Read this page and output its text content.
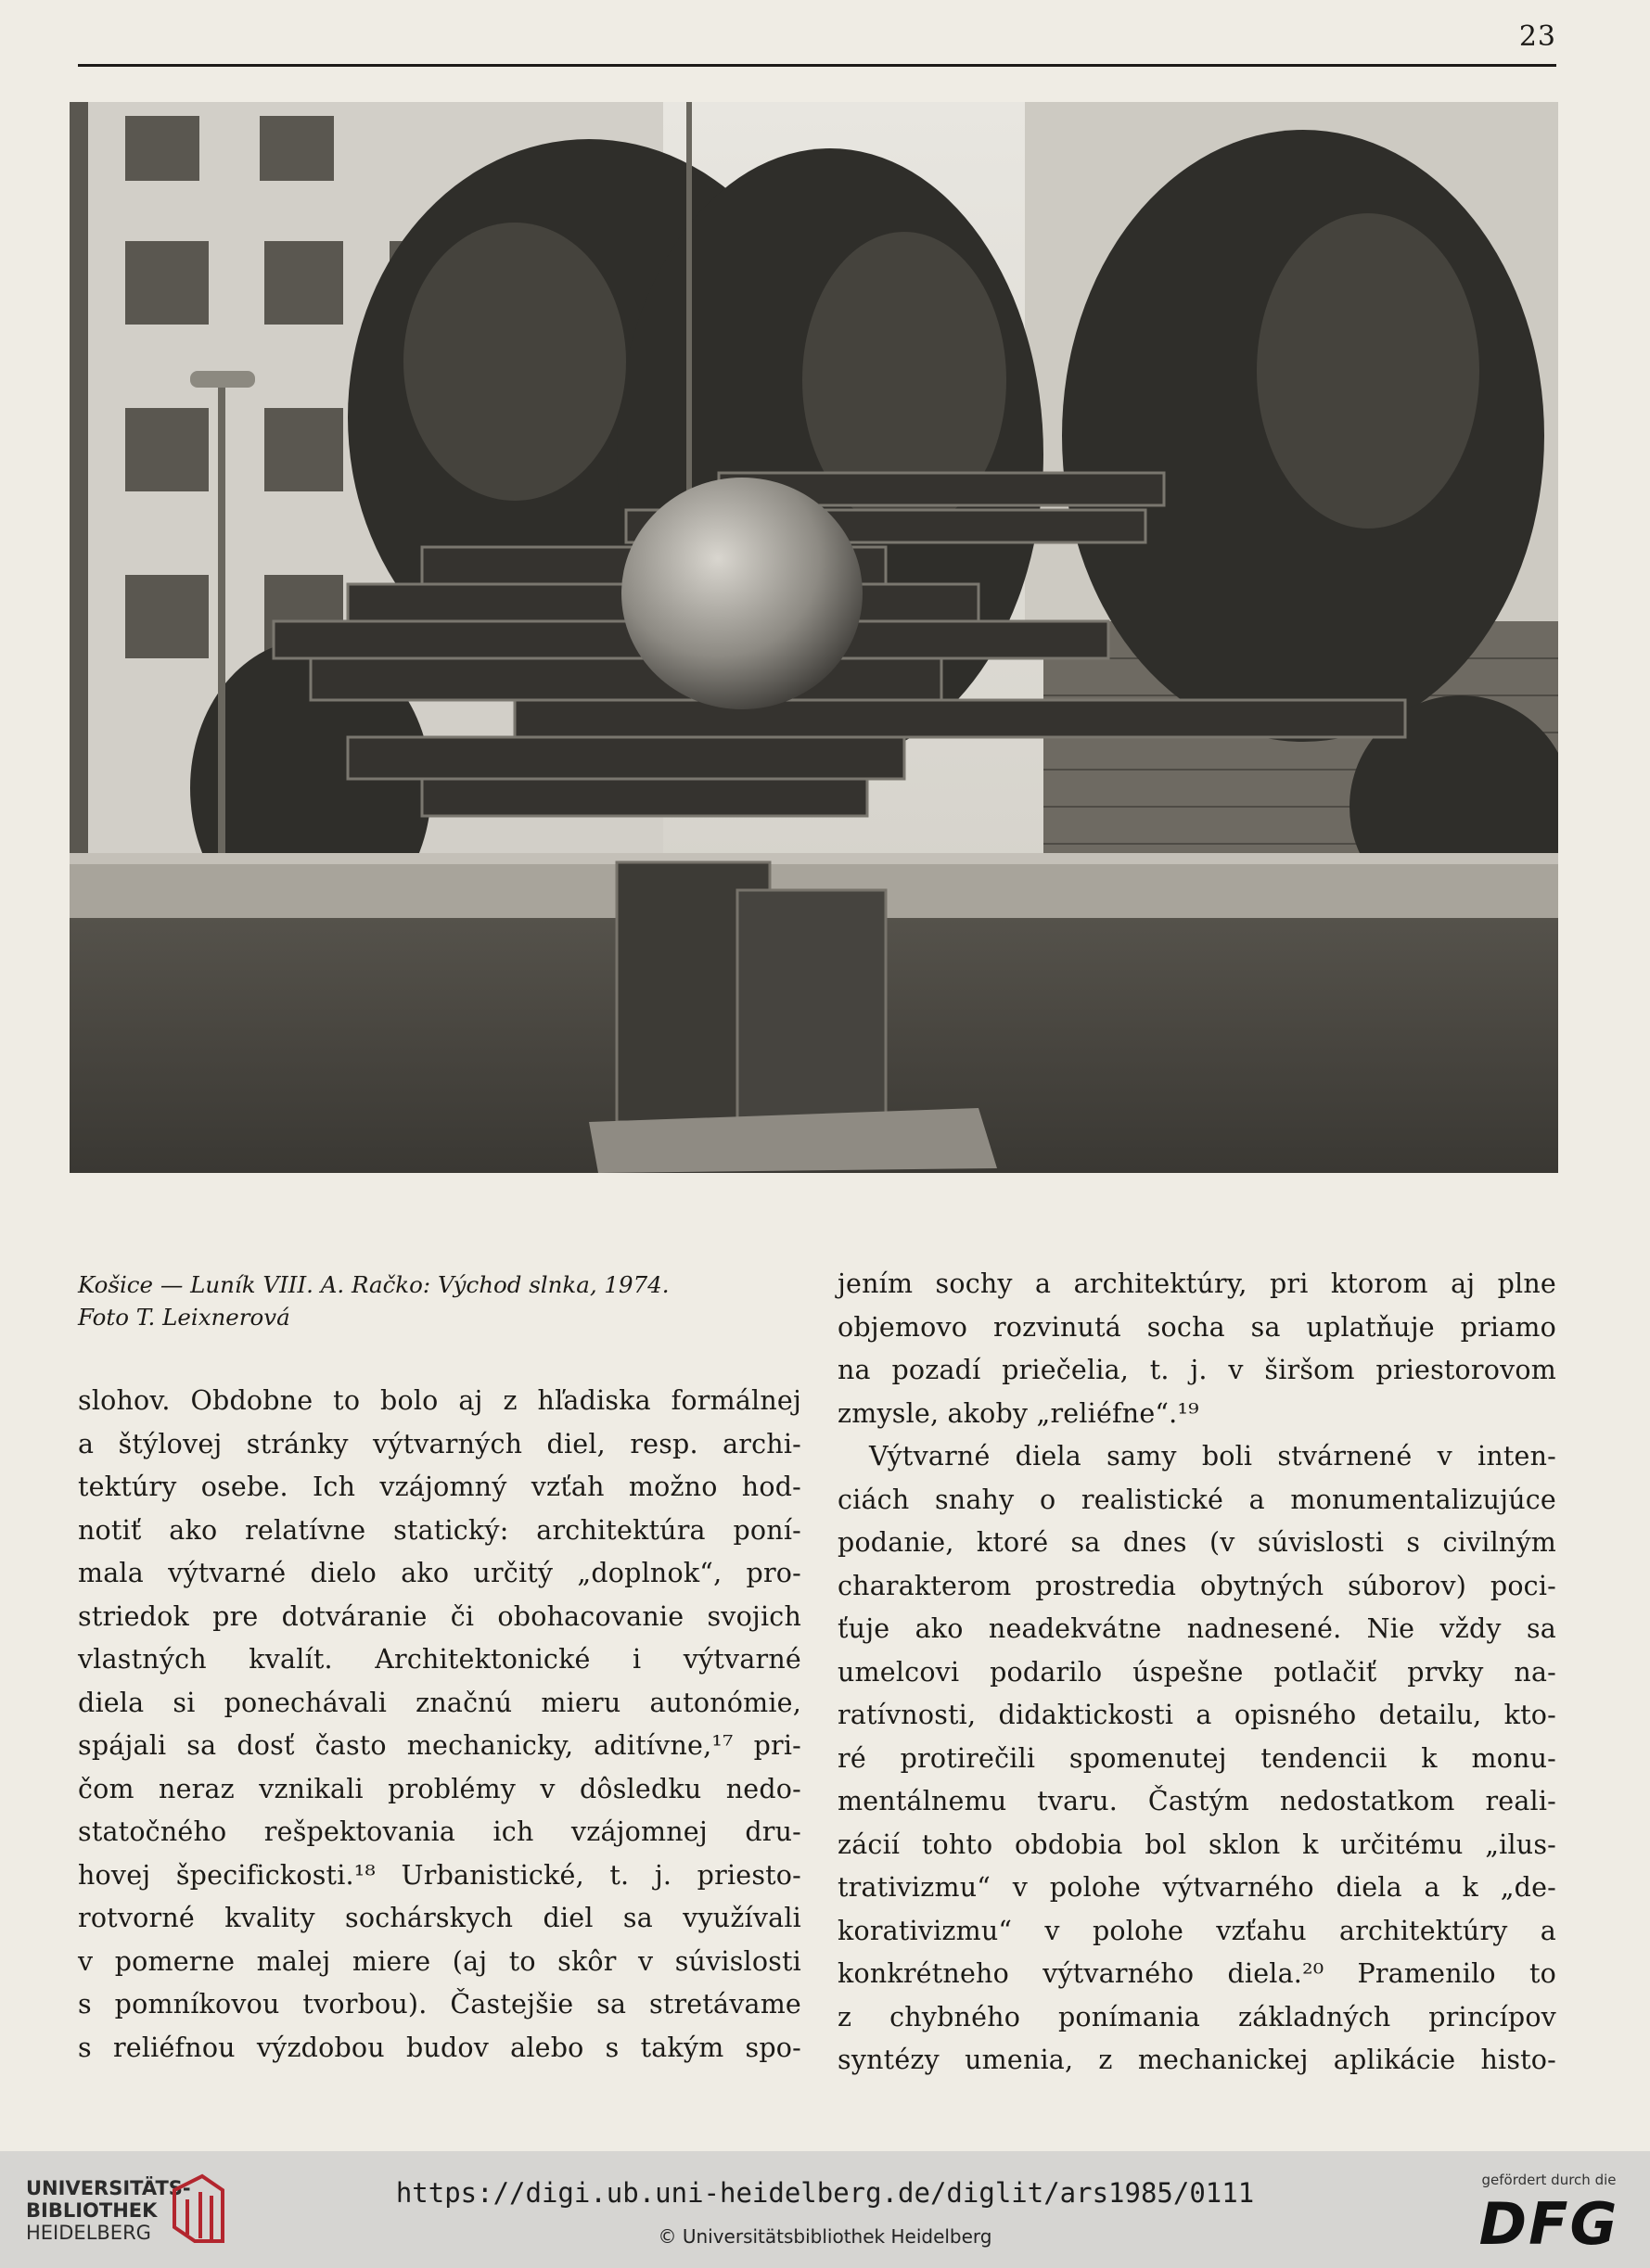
23
Košice — Luník VIII. A. Račko: Východ slnka, 1974.
Foto T. Leixnerová
slohov. Obdobne to bolo aj z hľadiska formálnej
a štýlovej stránky výtvarných diel, resp. archi-
tektúry osebe. Ich vzájomný vzťah možno hod-
notiť ako relatívne statický: architektúra poní-
mala výtvarné dielo ako určitý „doplnok“, pro-
striedok pre dotváranie či obohacovanie svojich
vlastných kvalít. Architektonické i výtvarné
diela si ponechávali značnú mieru autonómie,
spájali sa dosť často mechanicky, aditívne,¹⁷ pri-
čom neraz vznikali problémy v dôsledku nedo-
statočného rešpektovania ich vzájomnej dru-
hovej špecifickosti.¹⁸ Urbanistické, t. j. priesto-
rotvorné kvality sochárskych diel sa využívali
v pomerne malej miere (aj to skôr v súvislosti
s pomníkovou tvorbou). Častejšie sa stretávame
s reliéfnou výzdobou budov alebo s takým spo-
jením sochy a architektúry, pri ktorom aj plne
objemovo rozvinutá socha sa uplatňuje priamo
na pozadí priečelia, t. j. v širšom priestorovom
zmysle, akoby „reliéfne“.¹⁹
Výtvarné diela samy boli stvárnené v inten-
ciách snahy o realistické a monumentalizujúce
podanie, ktoré sa dnes (v súvislosti s civilným
charakterom prostredia obytných súborov) poci-
ťuje ako neadekvátne nadnesené. Nie vždy sa
umelcovi podarilo úspešne potlačiť prvky na-
ratívnosti, didaktickosti a opisného detailu, kto-
ré protirečili spomenutej tendencii k monu-
mentálnemu tvaru. Častým nedostatkom reali-
zácií tohto obdobia bol sklon k určitému „ilus-
trativizmu“ v polohe výtvarného diela a k „de-
korativizmu“ v polohe vzťahu architektúry a
konkrétneho výtvarného diela.²⁰ Pramenilo to
z chybného ponímania základných princípov
syntézy umenia, z mechanickej aplikácie histo-
UNIVERSITÄTS-
BIBLIOTHEK
HEIDELBERG
https://digi.ub.uni-heidelberg.de/diglit/ars1985/0111
© Universitätsbibliothek Heidelberg
gefördert durch die
DFG
